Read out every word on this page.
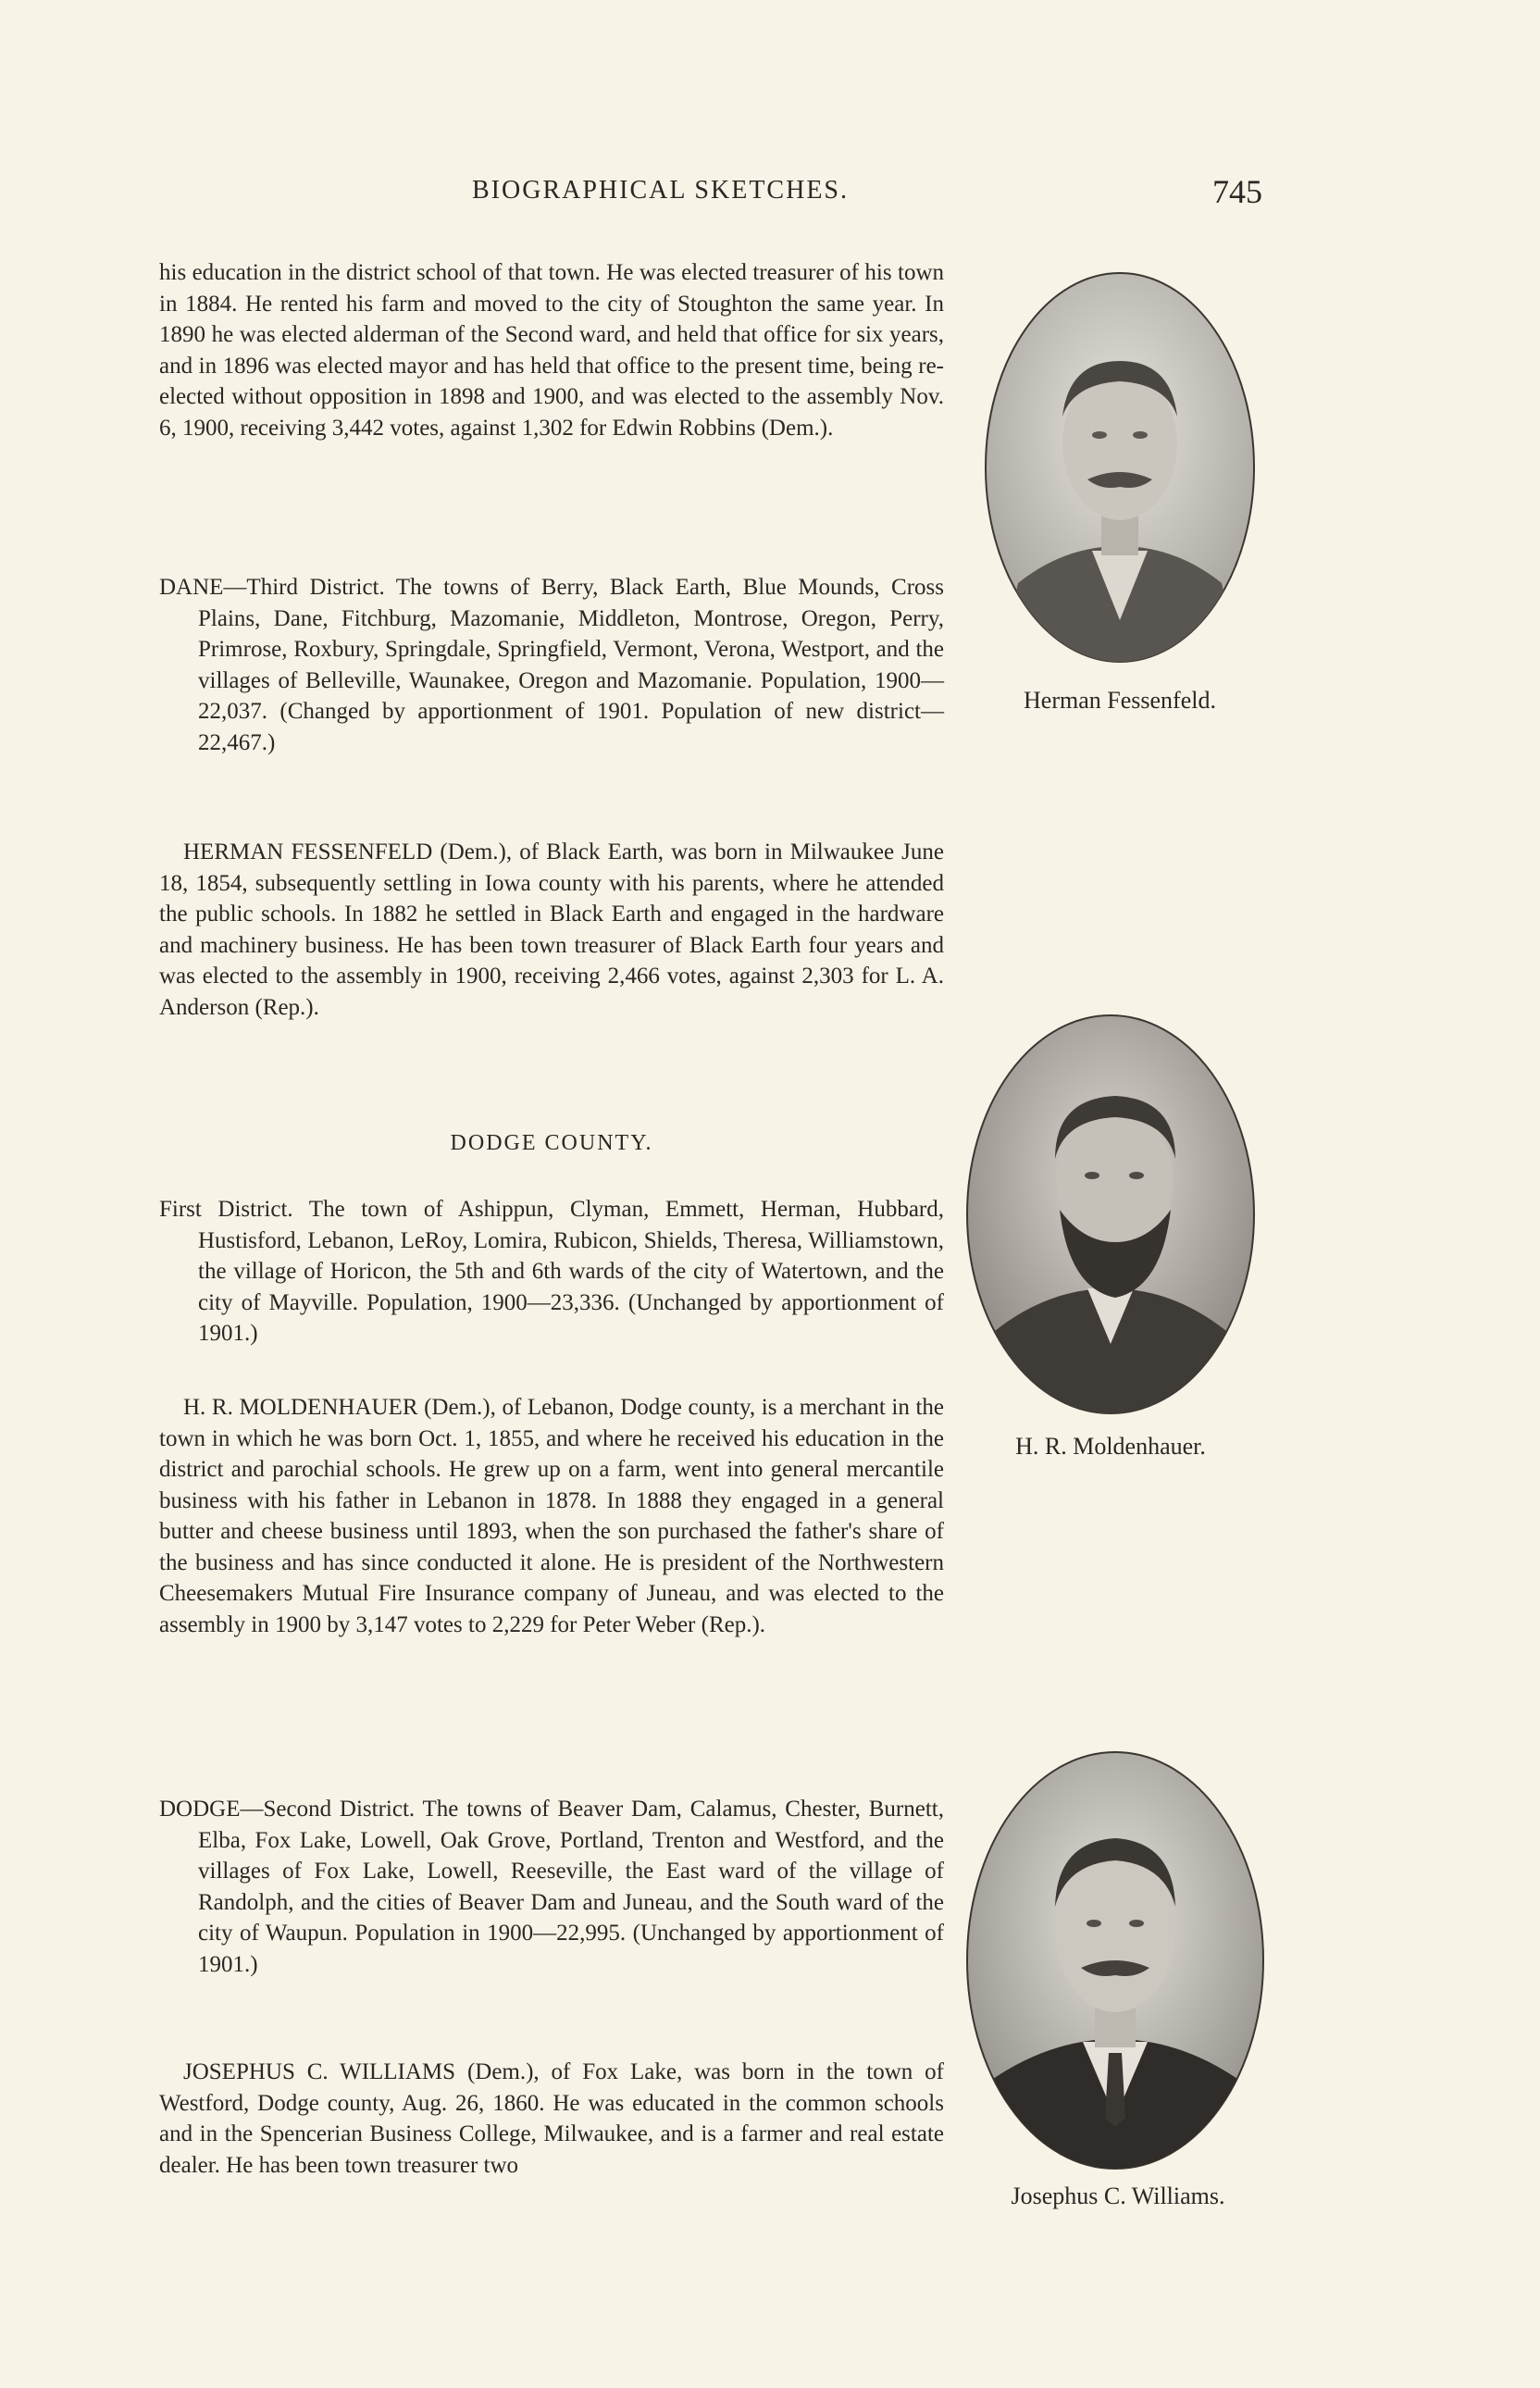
BIOGRAPHICAL SKETCHES.	745

his education in the district school of that town. He was elected treasurer of his town in 1884. He rented his farm and moved to the city of Stoughton the same year. In 1890 he was elected alderman of the Second ward, and held that office for six years, and in 1896 was elected mayor and has held that office to the present time, being re-elected without opposition in 1898 and 1900, and was elected to the assembly Nov. 6, 1900, receiving 3,442 votes, against 1,302 for Edwin Robbins (Dem.).

DANE—Third District. The towns of Berry, Black Earth, Blue Mounds, Cross Plains, Dane, Fitchburg, Mazomanie, Middleton, Montrose, Oregon, Perry, Primrose, Roxbury, Springdale, Springfield, Vermont, Verona, Westport, and the villages of Belleville, Waunakee, Oregon and Mazomanie. Population, 1900—22,037. (Changed by apportionment of 1901. Population of new district—22,467.)

HERMAN FESSENFELD (Dem.), of Black Earth, was born in Milwaukee June 18, 1854, subsequently settling in Iowa county with his parents, where he attended the public schools. In 1882 he settled in Black Earth and engaged in the hardware and machinery business. He has been town treasurer of Black Earth four years and was elected to the assembly in 1900, receiving 2,466 votes, against 2,303 for L. A. Anderson (Rep.).

DODGE COUNTY.

First District. The town of Ashippun, Clyman, Emmett, Herman, Hubbard, Hustisford, Lebanon, LeRoy, Lomira, Rubicon, Shields, Theresa, Williamstown, the village of Horicon, the 5th and 6th wards of the city of Watertown, and the city of Mayville. Population, 1900—23,336. (Unchanged by apportionment of 1901.)

H. R. MOLDENHAUER (Dem.), of Lebanon, Dodge county, is a merchant in the town in which he was born Oct. 1, 1855, and where he received his education in the district and parochial schools. He grew up on a farm, went into general mercantile business with his father in Lebanon in 1878. In 1888 they engaged in a general butter and cheese business until 1893, when the son purchased the father's share of the business and has since conducted it alone. He is president of the Northwestern Cheesemakers Mutual Fire Insurance company of Juneau, and was elected to the assembly in 1900 by 3,147 votes to 2,229 for Peter Weber (Rep.).

DODGE—Second District. The towns of Beaver Dam, Calamus, Chester, Burnett, Elba, Fox Lake, Lowell, Oak Grove, Portland, Trenton and Westford, and the villages of Fox Lake, Lowell, Reeseville, the East ward of the village of Randolph, and the cities of Beaver Dam and Juneau, and the South ward of the city of Waupun. Population in 1900—22,995. (Unchanged by apportionment of 1901.)

JOSEPHUS C. WILLIAMS (Dem.), of Fox Lake, was born in the town of Westford, Dodge county, Aug. 26, 1860. He was educated in the common schools and in the Spencerian Business College, Milwaukee, and is a farmer and real estate dealer. He has been town treasurer two

Herman Fessenfeld.
H. R. Moldenhauer.
Josephus C. Williams.
